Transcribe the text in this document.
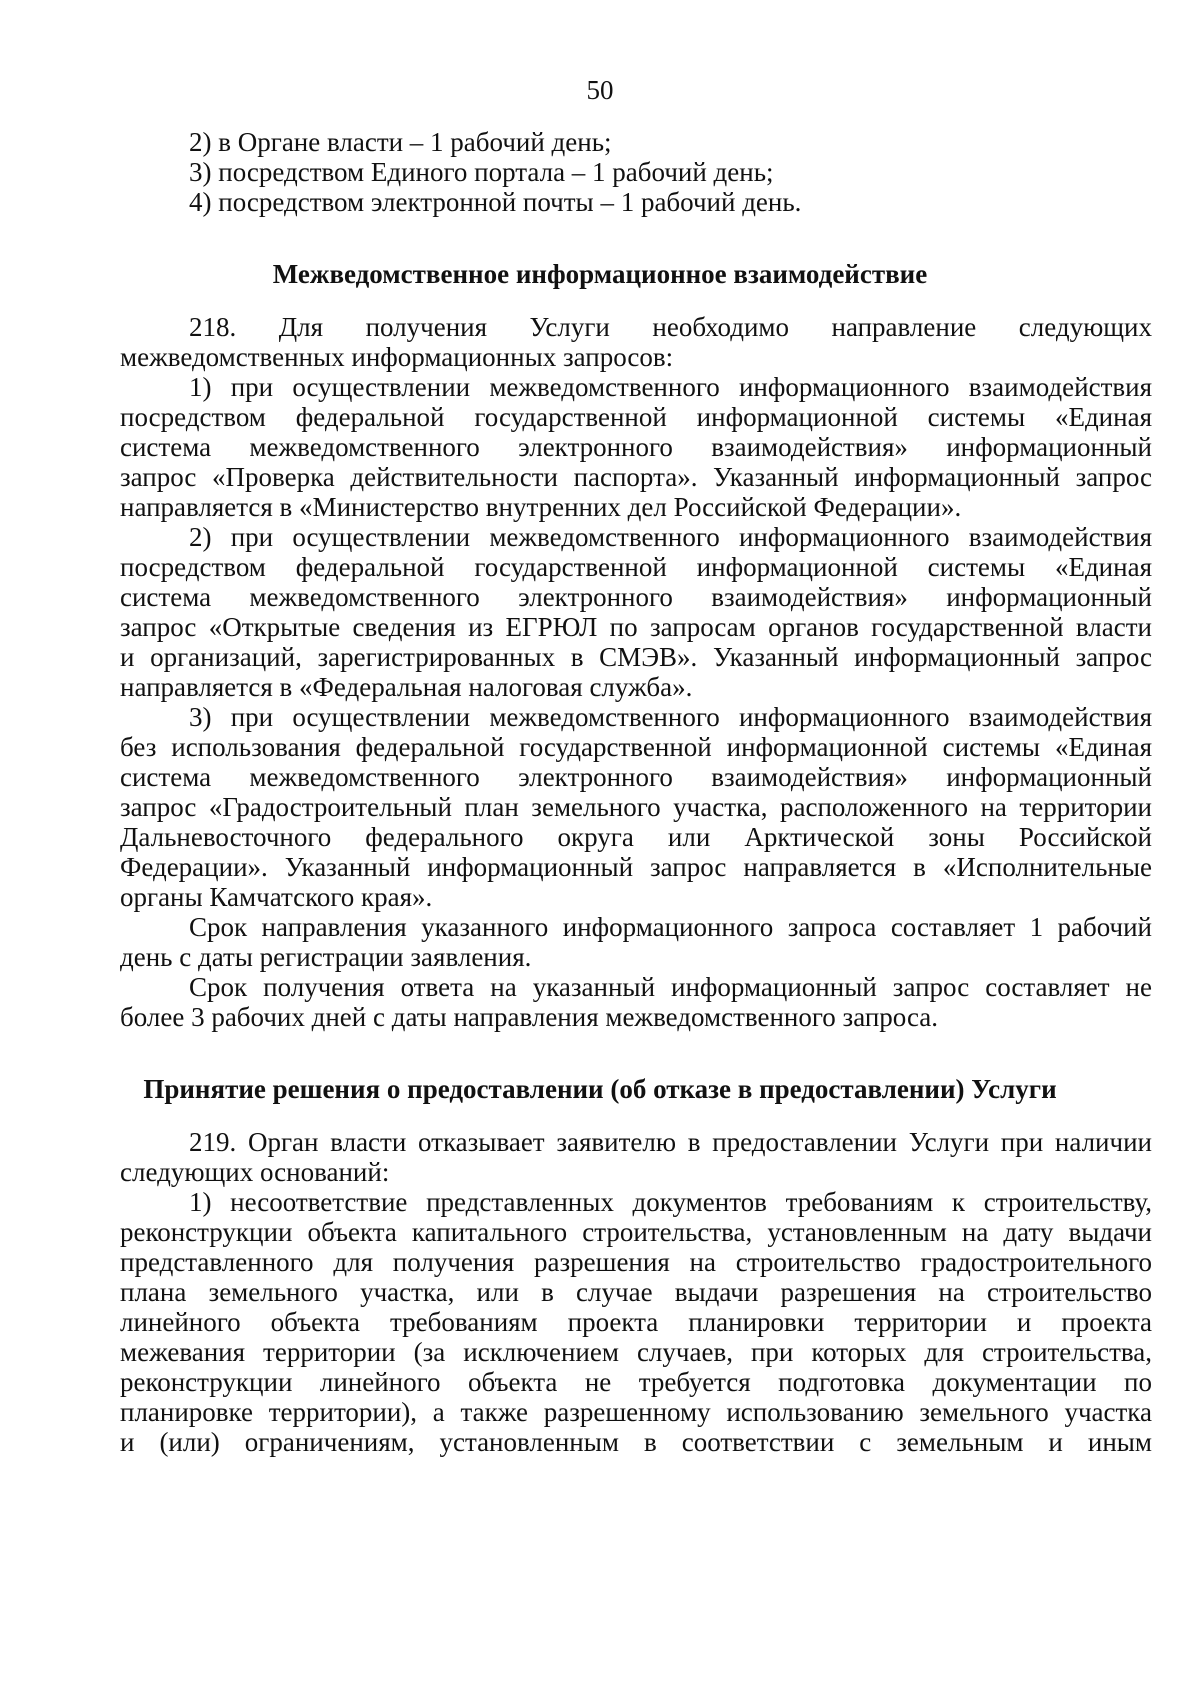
50
2) в Органе власти – 1 рабочий день;
3) посредством Единого портала – 1 рабочий день;
4) посредством электронной почты – 1 рабочий день.
Межведомственное информационное взаимодействие
218. Для получения Услуги необходимо направление следующих
межведомственных информационных запросов:
1) при осуществлении межведомственного информационного взаимодействия
посредством федеральной государственной информационной системы «Единая
система межведомственного электронного взаимодействия» информационный
запрос «Проверка действительности паспорта». Указанный информационный запрос
направляется в «Министерство внутренних дел Российской Федерации».
2) при осуществлении межведомственного информационного взаимодействия
посредством федеральной государственной информационной системы «Единая
система межведомственного электронного взаимодействия» информационный
запрос «Открытые сведения из ЕГРЮЛ по запросам органов государственной власти
и организаций, зарегистрированных в СМЭВ». Указанный информационный запрос
направляется в «Федеральная налоговая служба».
3) при осуществлении межведомственного информационного взаимодействия
без использования федеральной государственной информационной системы «Единая
система межведомственного электронного взаимодействия» информационный
запрос «Градостроительный план земельного участка, расположенного на территории
Дальневосточного федерального округа или Арктической зоны Российской
Федерации». Указанный информационный запрос направляется в «Исполнительные
органы Камчатского края».
Срок направления указанного информационного запроса составляет 1 рабочий
день с даты регистрации заявления.
Срок получения ответа на указанный информационный запрос составляет не
более 3 рабочих дней с даты направления межведомственного запроса.
Принятие решения о предоставлении (об отказе в предоставлении) Услуги
219. Орган власти отказывает заявителю в предоставлении Услуги при наличии
следующих оснований:
1) несоответствие представленных документов требованиям к строительству,
реконструкции объекта капитального строительства, установленным на дату выдачи
представленного для получения разрешения на строительство градостроительного
плана земельного участка, или в случае выдачи разрешения на строительство
линейного объекта требованиям проекта планировки территории и проекта
межевания территории (за исключением случаев, при которых для строительства,
реконструкции линейного объекта не требуется подготовка документации по
планировке территории), а также разрешенному использованию земельного участка
и (или) ограничениям, установленным в соответствии с земельным и иным
